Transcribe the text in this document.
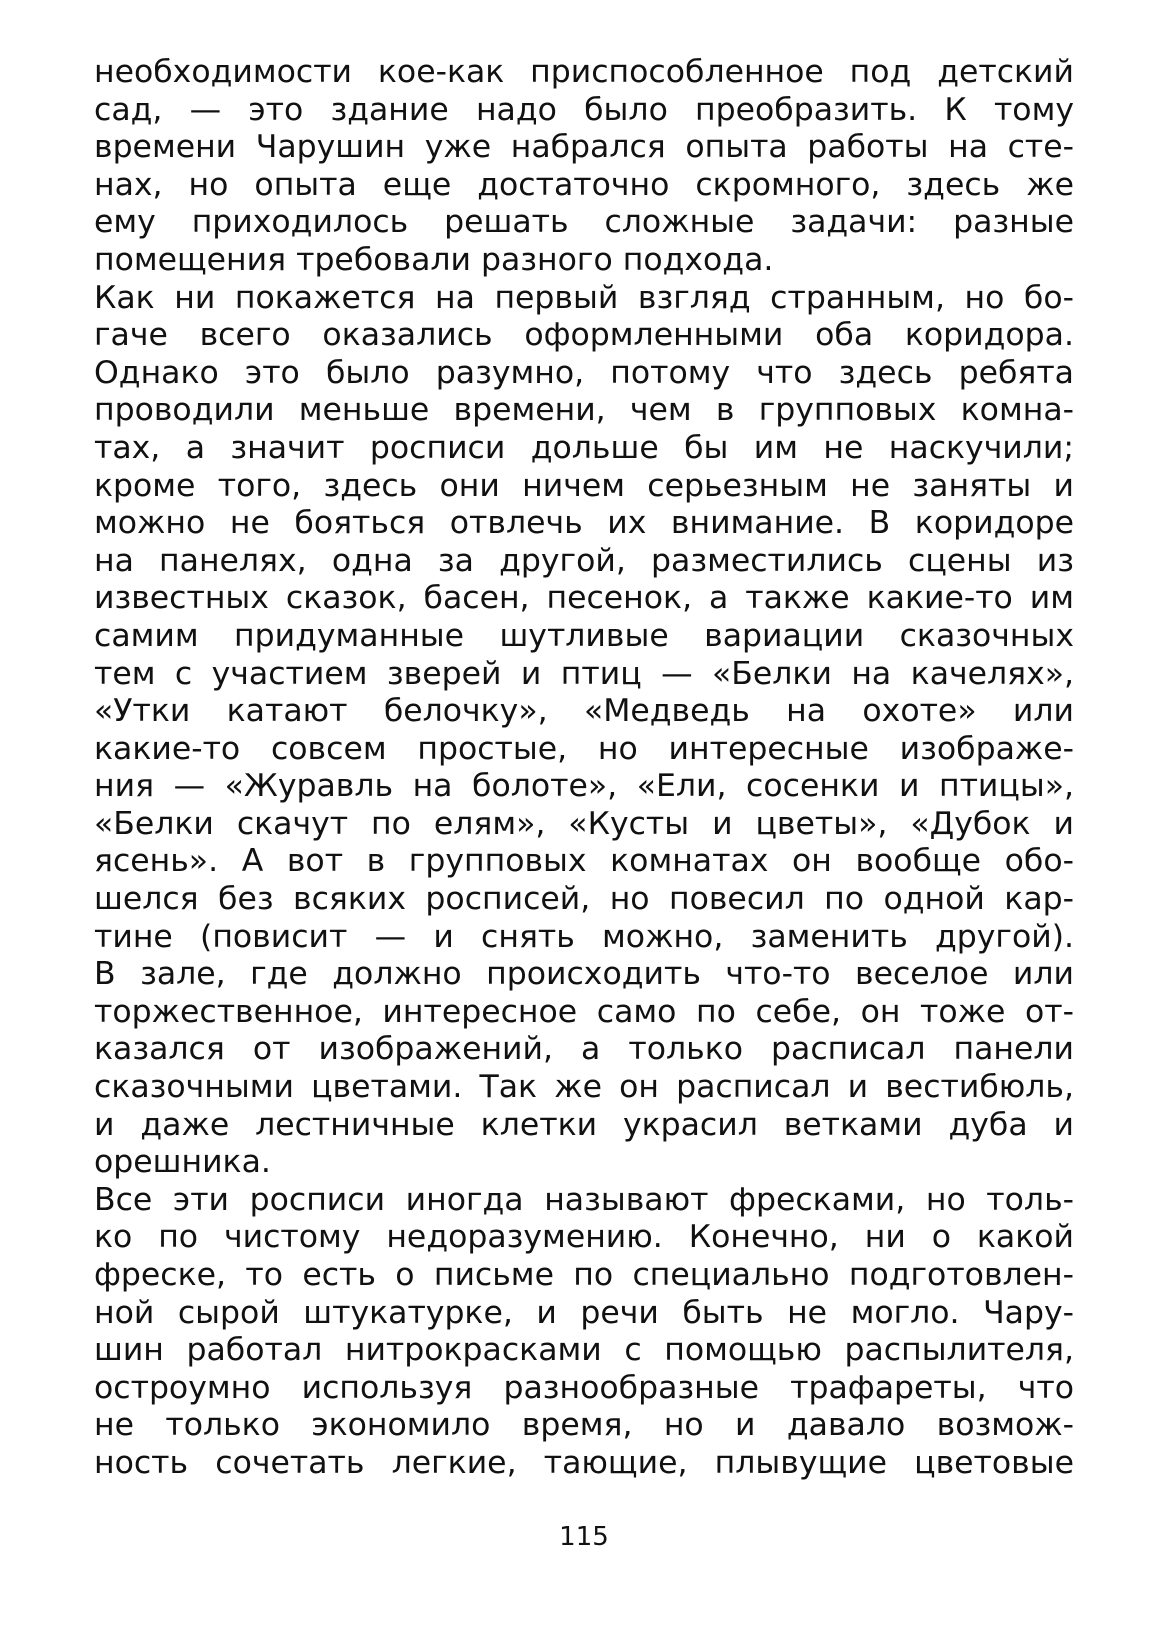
необходимости кое-как приспособленное под детский
сад, — это здание надо было преобразить. К тому
времени Чарушин уже набрался опыта работы на сте-
нах, но опыта еще достаточно скромного, здесь же
ему приходилось решать сложные задачи: разные
помещения требовали разного подхода.
Как ни покажется на первый взгляд странным, но бо-
гаче всего оказались оформленными оба коридора.
Однако это было разумно, потому что здесь ребята
проводили меньше времени, чем в групповых комна-
тах, а значит росписи дольше бы им не наскучили;
кроме того, здесь они ничем серьезным не заняты и
можно не бояться отвлечь их внимание. В коридоре
на панелях, одна за другой, разместились сцены из
известных сказок, басен, песенок, а также какие-то им
самим придуманные шутливые вариации сказочных
тем с участием зверей и птиц — «Белки на качелях»,
«Утки катают белочку», «Медведь на охоте» или
какие-то совсем простые, но интересные изображе-
ния — «Журавль на болоте», «Ели, сосенки и птицы»,
«Белки скачут по елям», «Кусты и цветы», «Дубок и
ясень». А вот в групповых комнатах он вообще обо-
шелся без всяких росписей, но повесил по одной кар-
тине (повисит — и снять можно, заменить другой).
В зале, где должно происходить что-то веселое или
торжественное, интересное само по себе, он тоже от-
казался от изображений, а только расписал панели
сказочными цветами. Так же он расписал и вестибюль,
и даже лестничные клетки украсил ветками дуба и
орешника.
Все эти росписи иногда называют фресками, но толь-
ко по чистому недоразумению. Конечно, ни о какой
фреске, то есть о письме по специально подготовлен-
ной сырой штукатурке, и речи быть не могло. Чару-
шин работал нитрокрасками с помощью распылителя,
остроумно используя разнообразные трафареты, что
не только экономило время, но и давало возмож-
ность сочетать легкие, тающие, плывущие цветовые
115
